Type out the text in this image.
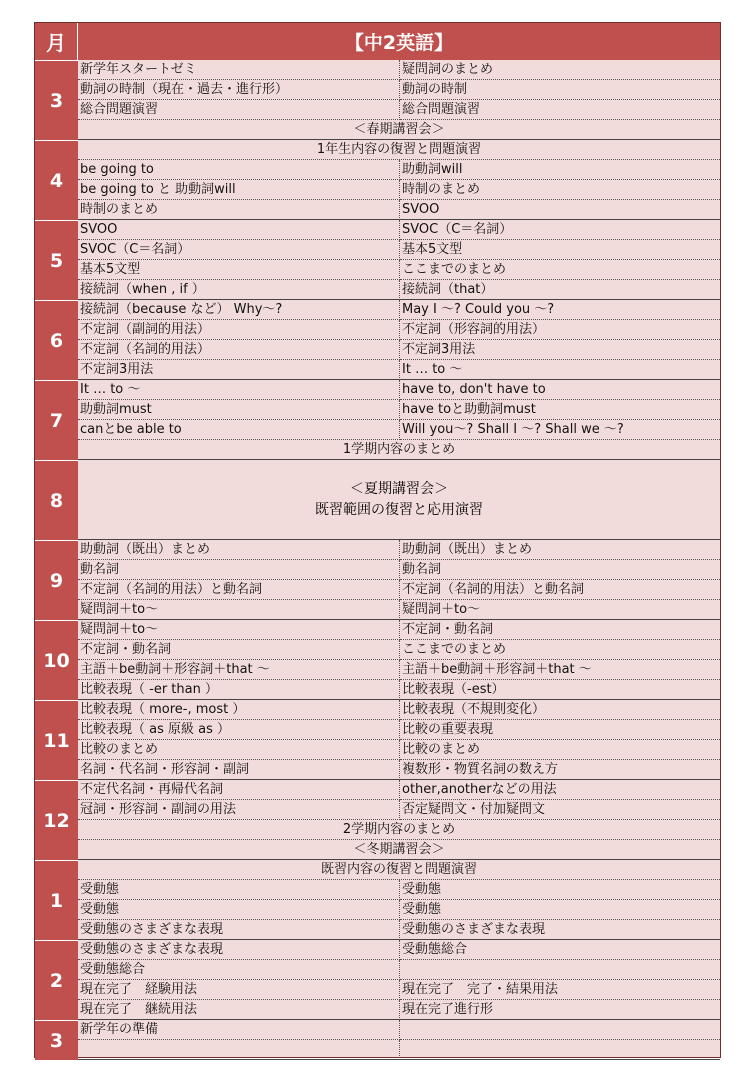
月	【中2英語】
3
新学年スタートゼミ	疑問詞のまとめ
動詞の時制（現在・過去・進行形）	動詞の時制
総合問題演習	総合問題演習
＜春期講習会＞
4
1年生内容の復習と問題演習
be going to	助動詞will
be going to と 助動詞will	時制のまとめ
時制のまとめ	SVOO
5
SVOO	SVOC（C＝名詞）
SVOC（C＝名詞）	基本5文型
基本5文型	ここまでのまとめ
接続詞（when , if ）	接続詞（that）
6
接続詞（because など） Why～?	May I ～? Could you ～?
不定詞（副詞的用法）	不定詞（形容詞的用法）
不定詞（名詞的用法）	不定詞3用法
不定詞3用法	It … to ～
7
It … to ～	have to, don't have to
助動詞must	have toと助動詞must
canとbe able to	Will you～? Shall I ～? Shall we ～?
1学期内容のまとめ
8
＜夏期講習会＞
既習範囲の復習と応用演習
9
助動詞（既出）まとめ	助動詞（既出）まとめ
動名詞	動名詞
不定詞（名詞的用法）と動名詞	不定詞（名詞的用法）と動名詞
疑問詞＋to～	疑問詞＋to～
10
疑問詞＋to～	不定詞・動名詞
不定詞・動名詞	ここまでのまとめ
主語＋be動詞＋形容詞＋that ～	主語＋be動詞＋形容詞＋that ～
比較表現（ -er than ）	比較表現（-est）
11
比較表現（ more-, most ）	比較表現（不規則変化）
比較表現（ as 原級 as ）	比較の重要表現
比較のまとめ	比較のまとめ
名詞・代名詞・形容詞・副詞	複数形・物質名詞の数え方
12
不定代名詞・再帰代名詞	other,anotherなどの用法
冠詞・形容詞・副詞の用法	否定疑問文・付加疑問文
2学期内容のまとめ
＜冬期講習会＞
1
既習内容の復習と問題演習
受動態	受動態
受動態	受動態
受動態のさまざまな表現	受動態のさまざまな表現
2
受動態のさまざまな表現	受動態総合
受動態総合
現在完了　経験用法	現在完了　完了・結果用法
現在完了　継続用法	現在完了進行形
3	新学年の準備
